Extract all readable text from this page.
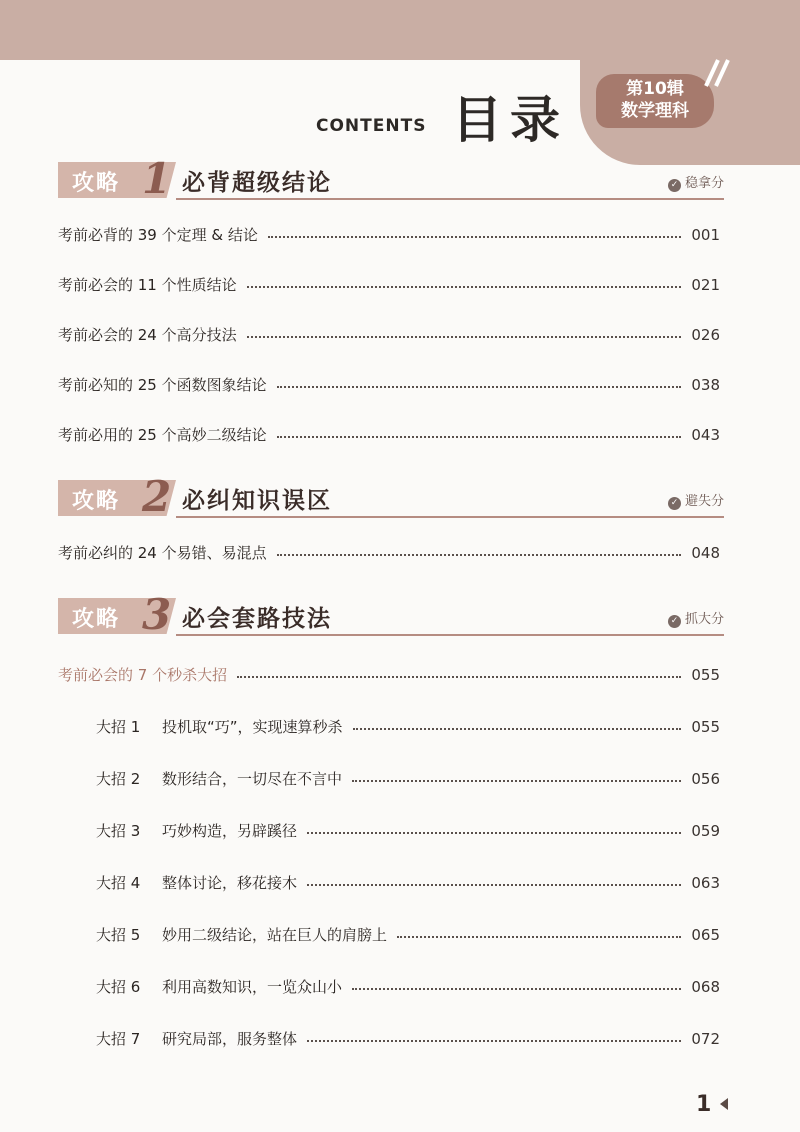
CONTENTS 目录
第10辑
数学理科
攻略 1 必背超级结论	✓ 稳拿分
考前必背的 39 个定理 & 结论	001
考前必会的 11 个性质结论	021
考前必会的 24 个高分技法	026
考前必知的 25 个函数图象结论	038
考前必用的 25 个高妙二级结论	043
攻略 2 必纠知识误区	✓ 避失分
考前必纠的 24 个易错、易混点	048
攻略 3 必会套路技法	✓ 抓大分
考前必会的 7 个秒杀大招	055
大招 1	投机取“巧”，实现速算秒杀	055
大招 2	数形结合，一切尽在不言中	056
大招 3	巧妙构造，另辟蹊径	059
大招 4	整体讨论，移花接木	063
大招 5	妙用二级结论，站在巨人的肩膀上	065
大招 6	利用高数知识，一览众山小	068
大招 7	研究局部，服务整体	072
1
